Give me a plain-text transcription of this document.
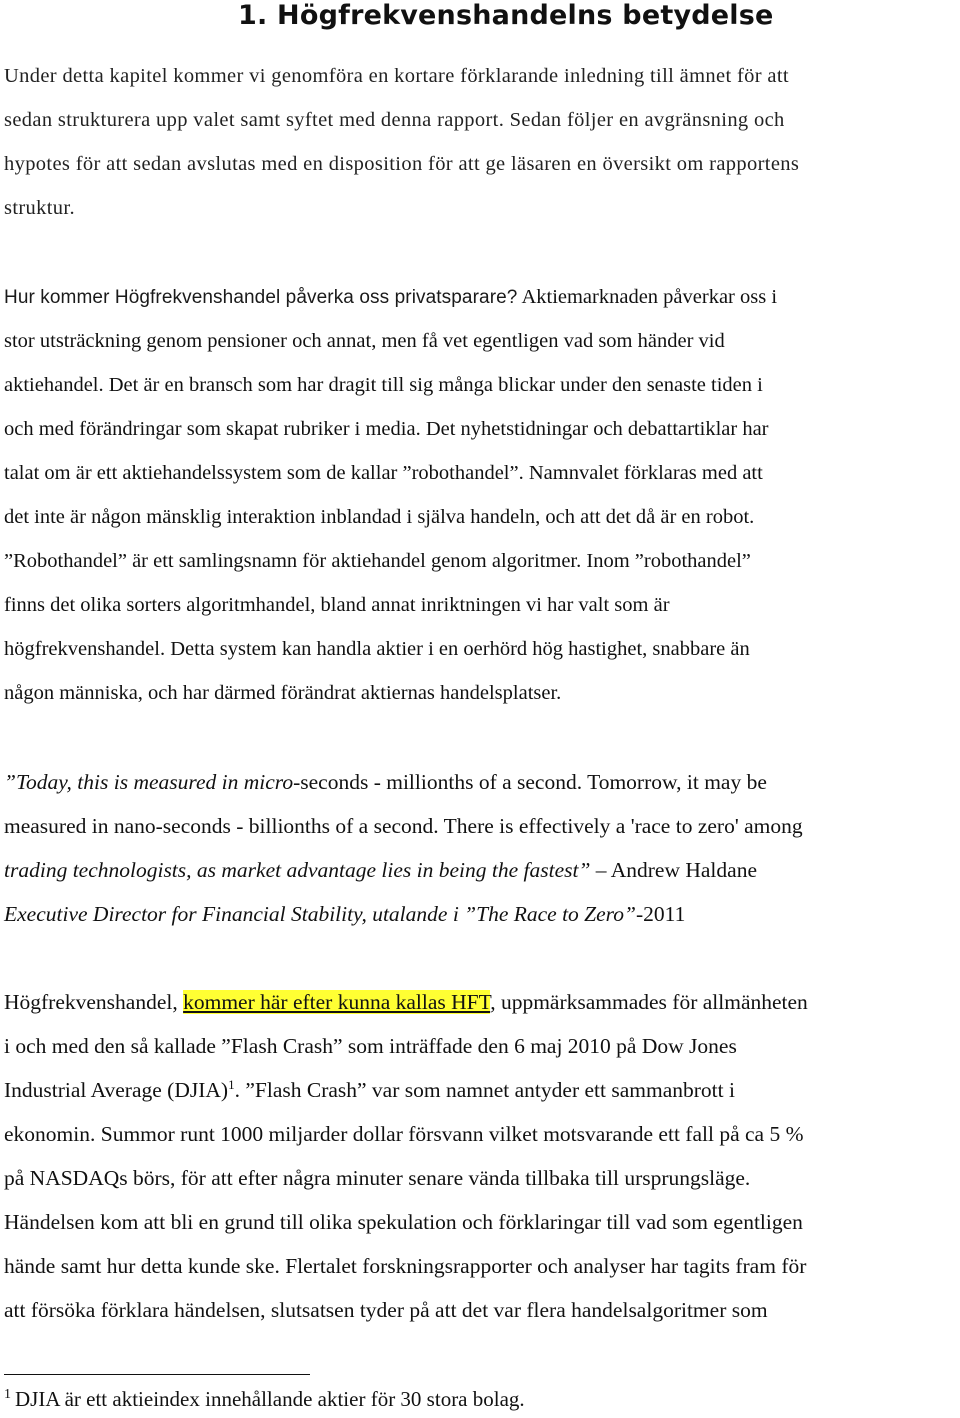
1. Högfrekvenshandelns betydelse
Under detta kapitel kommer vi genomföra en kortare förklarande inledning till ämnet för att
sedan strukturera upp valet samt syftet med denna rapport. Sedan följer en avgränsning och
hypotes för att sedan avslutas med en disposition för att ge läsaren en översikt om rapportens
struktur.
Hur kommer Högfrekvenshandel påverka oss privatsparare? Aktiemarknaden påverkar oss i
stor utsträckning genom pensioner och annat, men få vet egentligen vad som händer vid
aktiehandel. Det är en bransch som har dragit till sig många blickar under den senaste tiden i
och med förändringar som skapat rubriker i media. Det nyhetstidningar och debattartiklar har
talat om är ett aktiehandelssystem som de kallar ”robothandel”. Namnvalet förklaras med att
det inte är någon mänsklig interaktion inblandad i själva handeln, och att det då är en robot.
”Robothandel” är ett samlingsnamn för aktiehandel genom algoritmer. Inom ”robothandel”
finns det olika sorters algoritmhandel, bland annat inriktningen vi har valt som är
högfrekvenshandel. Detta system kan handla aktier i en oerhörd hög hastighet, snabbare än
någon människa, och har därmed förändrat aktiernas handelsplatser.
”Today, this is measured in micro-seconds - millionths of a second. Tomorrow, it may be
measured in nano-seconds - billionths of a second. There is effectively a 'race to zero' among
trading technologists, as market advantage lies in being the fastest” – Andrew Haldane
Executive Director for Financial Stability, utalande i ”The Race to Zero”-2011
Högfrekvenshandel, kommer här efter kunna kallas HFT, uppmärksammades för allmänheten
i och med den så kallade ”Flash Crash” som inträffade den 6 maj 2010 på Dow Jones
Industrial Average (DJIA)$^1$. ”Flash Crash” var som namnet antyder ett sammanbrott i
ekonomin. Summor runt 1000 miljarder dollar försvann vilket motsvarande ett fall på ca 5 %
på NASDAQs börs, för att efter några minuter senare vända tillbaka till ursprungsläge.
Händelsen kom att bli en grund till olika spekulation och förklaringar till vad som egentligen
hände samt hur detta kunde ske. Flertalet forskningsrapporter och analyser har tagits fram för
att försöka förklara händelsen, slutsatsen tyder på att det var flera handelsalgoritmer som
$^1$ DJIA är ett aktieindex innehållande aktier för 30 stora bolag.
